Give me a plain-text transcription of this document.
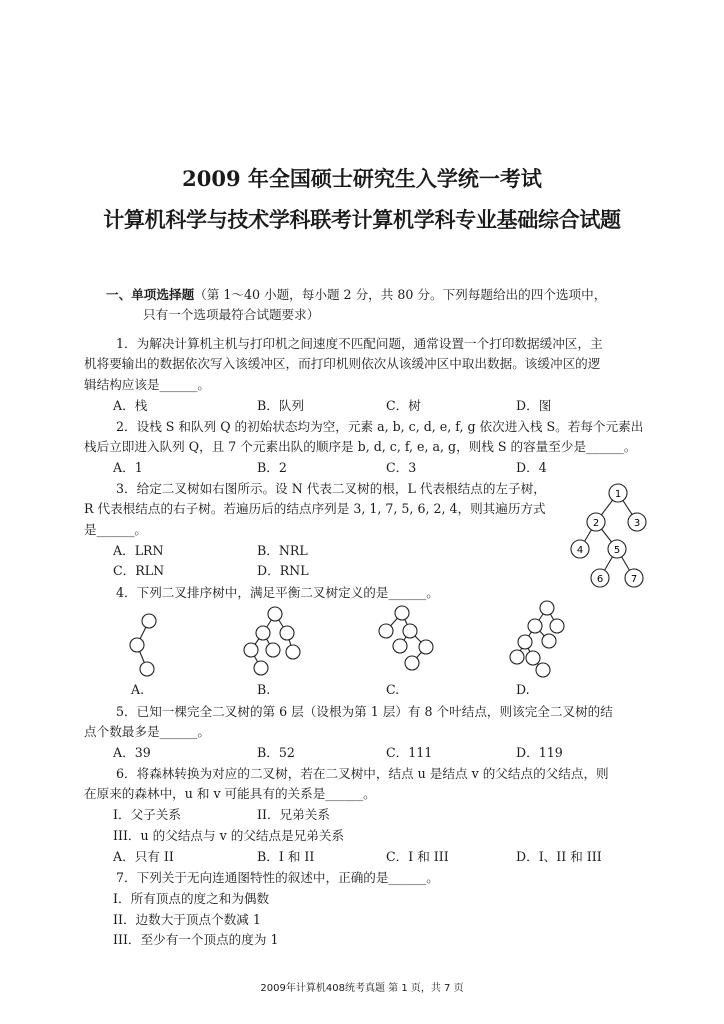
2009 年全国硕士研究生入学统一考试
计算机科学与技术学科联考计算机学科专业基础综合试题
一、单项选择题（第 1～40 小题，每小题 2 分，共 80 分。下列每题给出的四个选项中，
只有一个选项最符合试题要求）
1．为解决计算机主机与打印机之间速度不匹配问题，通常设置一个打印数据缓冲区，主
机将要输出的数据依次写入该缓冲区，而打印机则依次从该缓冲区中取出数据。该缓冲区的逻
辑结构应该是______。
A．栈	B．队列	C．树	D．图
2．设栈 S 和队列 Q 的初始状态均为空，元素 a, b, c, d, e, f, g 依次进入栈 S。若每个元素出
栈后立即进入队列 Q，且 7 个元素出队的顺序是 b, d, c, f, e, a, g，则栈 S 的容量至少是______。
A．1	B．2	C．3	D．4
3．给定二叉树如右图所示。设 N 代表二叉树的根，L 代表根结点的左子树，
R 代表根结点的右子树。若遍历后的结点序列是 3, 1, 7, 5, 6, 2, 4，则其遍历方式
是______。
A．LRN	B．NRL
C．RLN	D．RNL
1
2	3
4	5
6	7
4．下列二叉排序树中，满足平衡二叉树定义的是______。
A.	B.	C.	D.
5．已知一棵完全二叉树的第 6 层（设根为第 1 层）有 8 个叶结点，则该完全二叉树的结
点个数最多是______。
A．39	B．52	C．111	D．119
6．将森林转换为对应的二叉树，若在二叉树中，结点 u 是结点 v 的父结点的父结点，则
在原来的森林中，u 和 v 可能具有的关系是______。
I．父子关系	II．兄弟关系
III．u 的父结点与 v 的父结点是兄弟关系
A．只有 II	B．I 和 II	C．I 和 III	D．I、II 和 III
7．下列关于无向连通图特性的叙述中，正确的是______。
I．所有顶点的度之和为偶数
II．边数大于顶点个数减 1
III．至少有一个顶点的度为 1
2009年计算机408统考真题 第 1 页，共 7 页
